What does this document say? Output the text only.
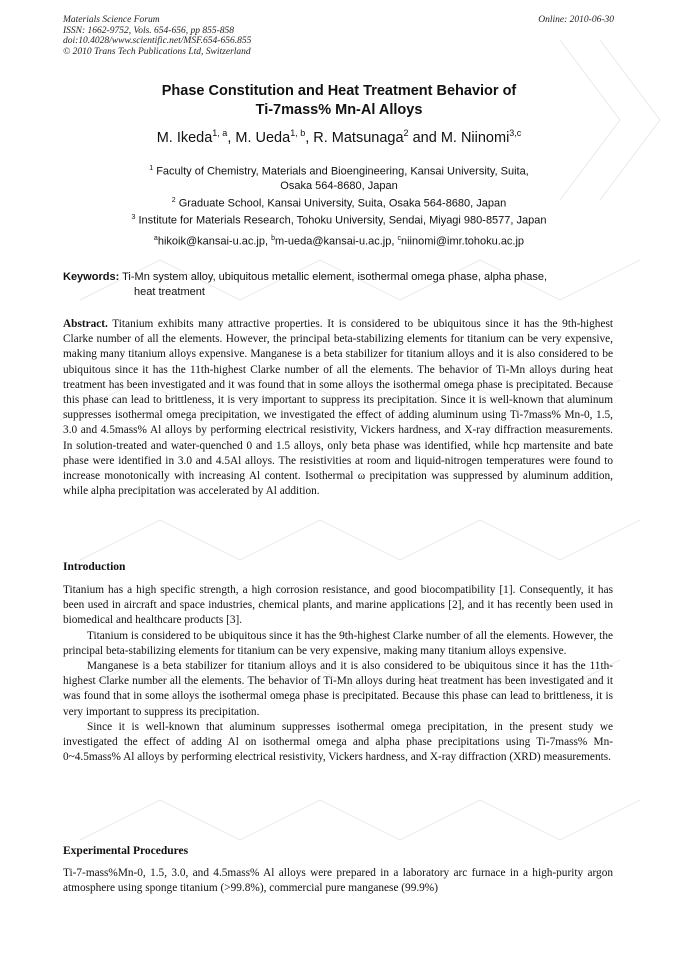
Materials Science Forum
ISSN: 1662-9752, Vols. 654-656, pp 855-858
doi:10.4028/www.scientific.net/MSF.654-656.855
© 2010 Trans Tech Publications Ltd, Switzerland
Online: 2010-06-30
Phase Constitution and Heat Treatment Behavior of
Ti-7mass% Mn-Al Alloys
M. Ikeda$^{1, a}$, M. Ueda$^{1, b}$, R. Matsunaga$^2$ and M. Niinomi$^{3,c}$
$^1$ Faculty of Chemistry, Materials and Bioengineering, Kansai University, Suita,
Osaka 564-8680, Japan
$^2$ Graduate School, Kansai University, Suita, Osaka 564-8680, Japan
$^3$ Institute for Materials Research, Tohoku University, Sendai, Miyagi 980-8577, Japan
$^a$hikoik@kansai-u.ac.jp, $^b$m-ueda@kansai-u.ac.jp, $^c$niinomi@imr.tohoku.ac.jp
Keywords: Ti-Mn system alloy, ubiquitous metallic element, isothermal omega phase, alpha phase,
heat treatment
Abstract. Titanium exhibits many attractive properties. It is considered to be ubiquitous since it has the 9th-highest Clarke number of all the elements. However, the principal beta-stabilizing elements for titanium can be very expensive, making many titanium alloys expensive. Manganese is a beta stabilizer for titanium alloys and it is also considered to be ubiquitous since it has the 11th-highest Clarke number of all the elements. The behavior of Ti-Mn alloys during heat treatment has been investigated and it was found that in some alloys the isothermal omega phase is precipitated. Because this phase can lead to brittleness, it is very important to suppress its precipitation. Since it is well-known that aluminum suppresses isothermal omega precipitation, we investigated the effect of adding aluminum using Ti-7mass% Mn-0, 1.5, 3.0 and 4.5mass% Al alloys by performing electrical resistivity, Vickers hardness, and X-ray diffraction measurements. In solution-treated and water-quenched 0 and 1.5 alloys, only beta phase was identified, while hcp martensite and bate phase were identified in 3.0 and 4.5Al alloys. The resistivities at room and liquid-nitrogen temperatures were found to increase monotonically with increasing Al content. Isothermal ω precipitation was suppressed by aluminum addition, while alpha precipitation was accelerated by Al addition.
Introduction

Titanium has a high specific strength, a high corrosion resistance, and good biocompatibility [1]. Consequently, it has been used in aircraft and space industries, chemical plants, and marine applications [2], and it has recently been used in biomedical and healthcare products [3].

Titanium is considered to be ubiquitous since it has the 9th-highest Clarke number of all the elements. However, the principal beta-stabilizing elements for titanium can be very expensive, making many titanium alloys expensive.

Manganese is a beta stabilizer for titanium alloys and it is also considered to be ubiquitous since it has the 11th-highest Clarke number all the elements. The behavior of Ti-Mn alloys during heat treatment has been investigated and it was found that in some alloys the isothermal omega phase is precipitated. Because this phase can lead to brittleness, it is very important to suppress its precipitation.

Since it is well-known that aluminum suppresses isothermal omega precipitation, in the present study we investigated the effect of adding Al on isothermal omega and alpha phase precipitations using Ti-7mass% Mn-0~4.5mass% Al alloys by performing electrical resistivity, Vickers hardness, and X-ray diffraction (XRD) measurements.

Experimental Procedures

Ti-7-mass%Mn-0, 1.5, 3.0, and 4.5mass% Al alloys were prepared in a laboratory arc furnace in a high-purity argon atmosphere using sponge titanium (>99.8%), commercial pure manganese (99.9%)
